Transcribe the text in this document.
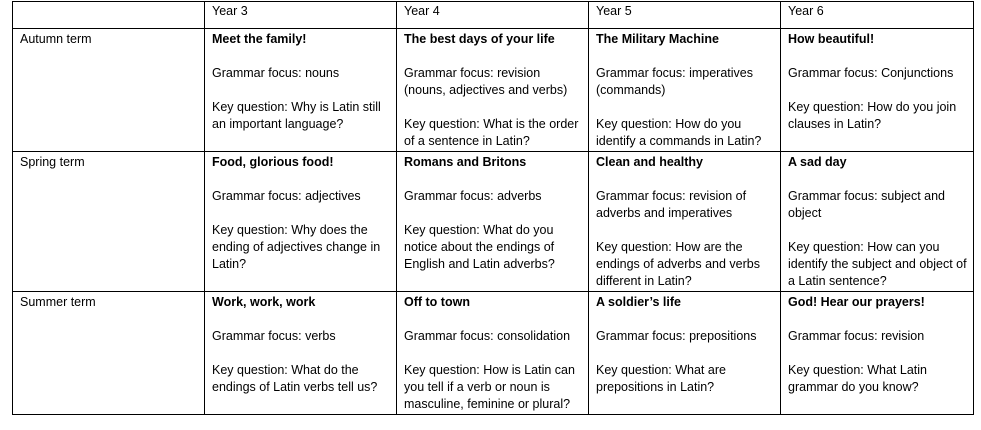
	Year 3	Year 4	Year 5	Year 6
Autumn term	Meet the family!
Grammar focus: nouns
Key question: Why is Latin still an important language?	The best days of your life
Grammar focus: revision (nouns, adjectives and verbs)
Key question: What is the order of a sentence in Latin?	The Military Machine
Grammar focus: imperatives (commands)
Key question: How do you identify a commands in Latin?	How beautiful!
Grammar focus: Conjunctions
Key question: How do you join clauses in Latin?

Spring term	Food, glorious food!
Grammar focus: adjectives
Key question: Why does the ending of adjectives change in Latin?	Romans and Britons
Grammar focus: adverbs
Key question: What do you notice about the endings of English and Latin adverbs?	Clean and healthy
Grammar focus: revision of adverbs and imperatives
Key question: How are the endings of adverbs and verbs different in Latin?	A sad day
Grammar focus: subject and object
Key question: How can you identify the subject and object of a Latin sentence?

Summer term	Work, work, work
Grammar focus: verbs
Key question: What do the endings of Latin verbs tell us?	Off to town
Grammar focus: consolidation
Key question: How is Latin can you tell if a verb or noun is masculine, feminine or plural?	A soldier’s life
Grammar focus: prepositions
Key question: What are prepositions in Latin?	God! Hear our prayers!
Grammar focus: revision
Key question: What Latin grammar do you know?
